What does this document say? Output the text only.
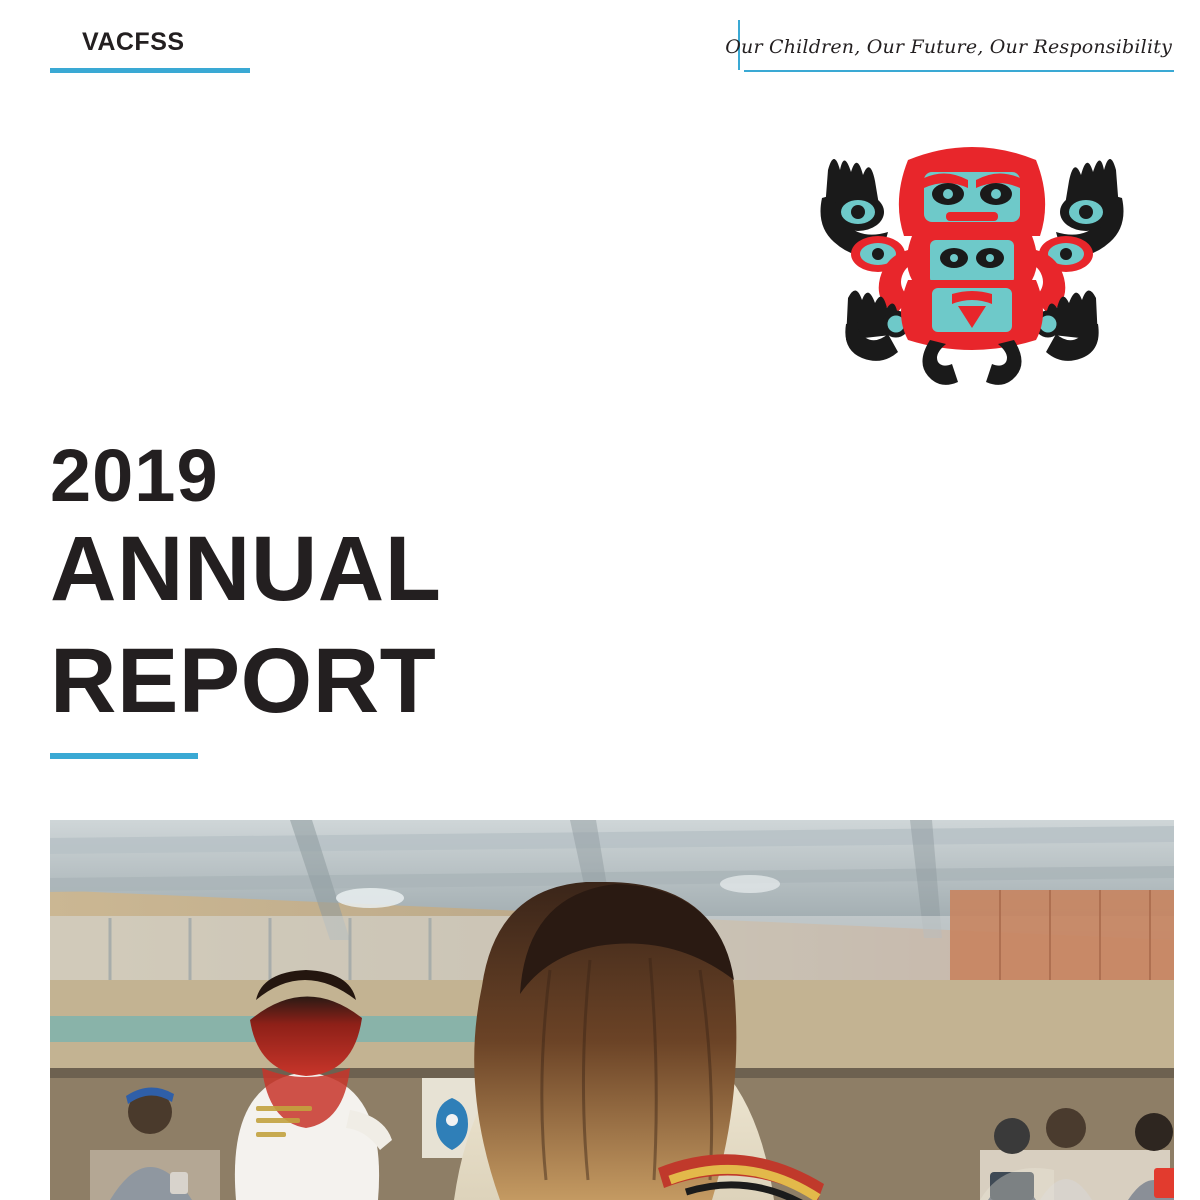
VACFSS	Our Children, Our Future, Our Responsibility
2019
ANNUAL
REPORT
